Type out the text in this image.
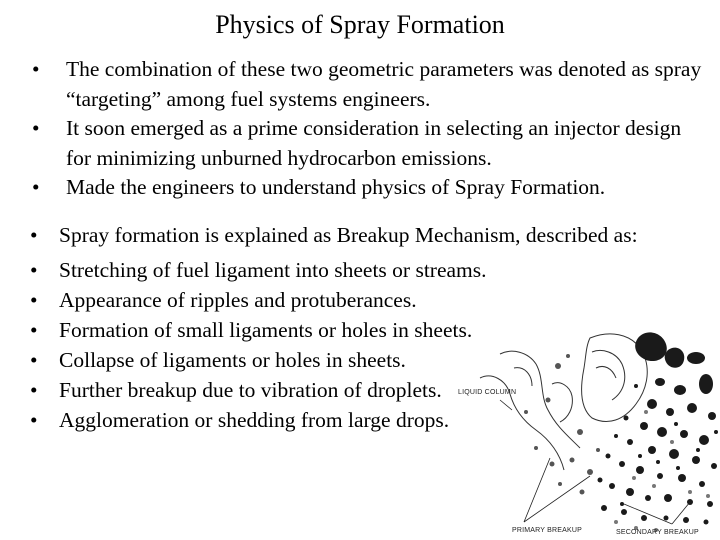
Physics of Spray Formation
• The combination of these two geometric parameters was denoted as spray “targeting” among fuel systems engineers.
• It soon emerged as a prime consideration in selecting an injector design for minimizing unburned hydrocarbon emissions.
• Made the engineers to understand physics of Spray Formation.
• Spray formation is explained as Breakup Mechanism, described as:
• Stretching of fuel ligament into sheets or streams.
• Appearance of ripples and protuberances.
• Formation of small ligaments or holes in sheets.
• Collapse of ligaments or holes in sheets.
• Further breakup due to vibration of droplets.
• Agglomeration or shedding from large drops.
LIQUID COLUMN
PRIMARY BREAKUP	SECONDARY BREAKUP
